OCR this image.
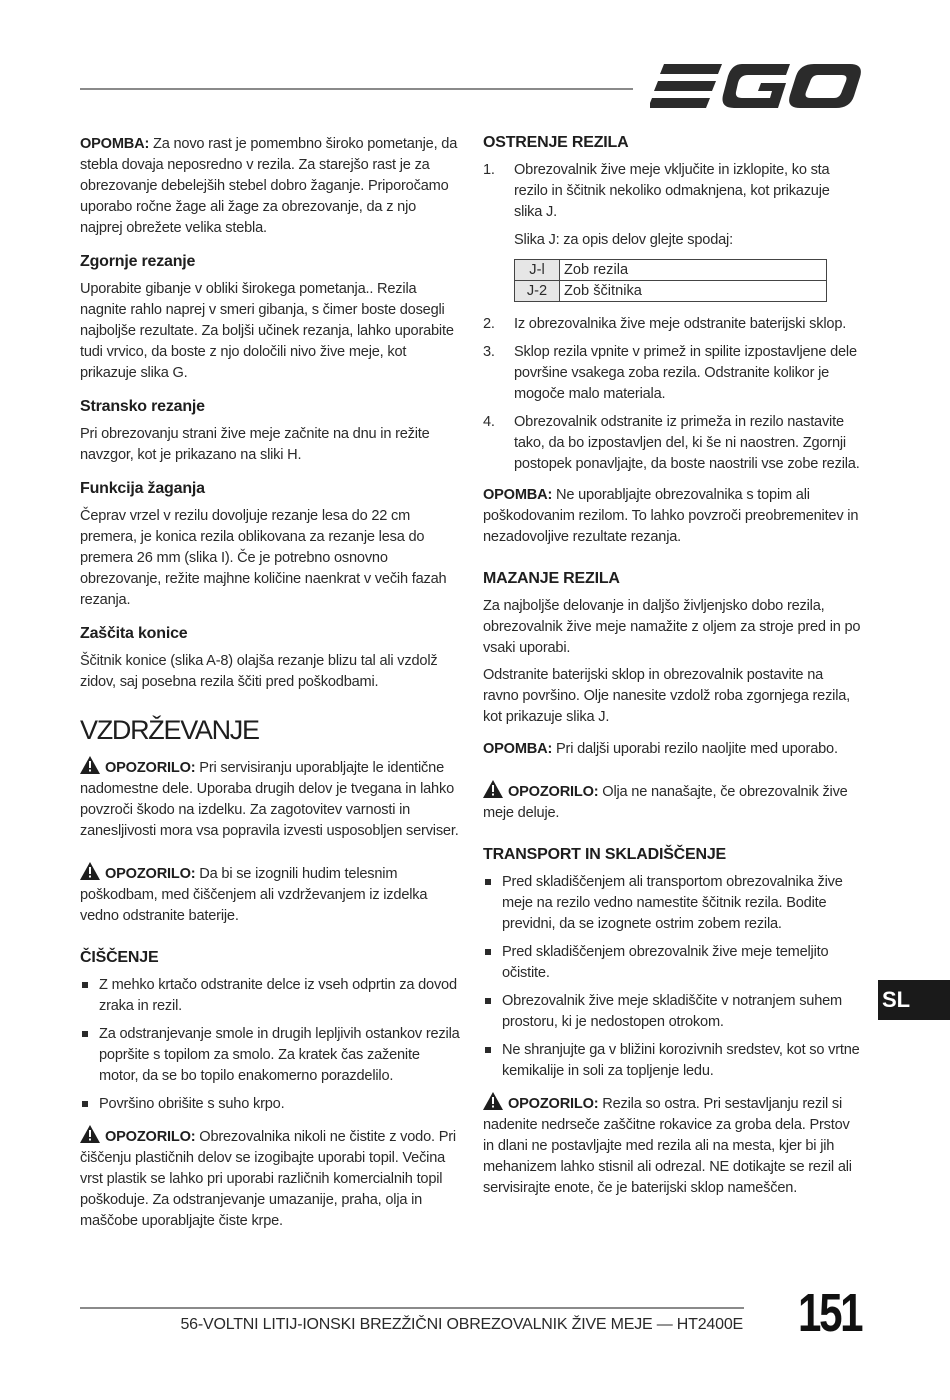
OPOMBA: Za novo rast je pomembno široko pometanje, da stebla dovaja neposredno v rezila. Za starejšo rast je za obrezovanje debelejših stebel dobro žaganje. Priporočamo uporabo ročne žage ali žage za obrezovanje, da z njo najprej obrežete velika stebla.

Zgornje rezanje

Uporabite gibanje v obliki širokega pometanja.. Rezila nagnite rahlo naprej v smeri gibanja, s čimer boste dosegli najboljše rezultate. Za boljši učinek rezanja, lahko uporabite tudi vrvico, da boste z njo določili nivo žive meje, kot prikazuje slika G.

Stransko rezanje

Pri obrezovanju strani žive meje začnite na dnu in režite navzgor, kot je prikazano na sliki H.

Funkcija žaganja

Čeprav vrzel v rezilu dovoljuje rezanje lesa do 22 cm premera, je konica rezila oblikovana za rezanje lesa do premera 26 mm (slika I). Če je potrebno osnovno obrezovanje, režite majhne količine naenkrat v večih fazah rezanja.

Zaščita konice

Ščitnik konice (slika A-8) olajša rezanje blizu tal ali vzdolž zidov, saj posebna rezila ščiti pred poškodbami.

VZDRŽEVANJE

OPOZORILO: Pri servisiranju uporabljajte le identične nadomestne dele. Uporaba drugih delov je tvegana in lahko povzroči škodo na izdelku. Za zagotovitev varnosti in zanesljivosti mora vsa popravila izvesti usposobljen serviser.

OPOZORILO: Da bi se izognili hudim telesnim poškodbam, med čiščenjem ali vzdrževanjem iz izdelka vedno odstranite baterije.

ČIŠČENJE
Z mehko krtačo odstranite delce iz vseh odprtin za dovod zraka in rezil.
Za odstranjevanje smole in drugih lepljivih ostankov rezila popršite s topilom za smolo. Za kratek čas zaženite motor, da se bo topilo enakomerno porazdelilo.
Površino obrišite s suho krpo.

OPOZORILO: Obrezovalnika nikoli ne čistite z vodo. Pri čiščenju plastičnih delov se izogibajte uporabi topil. Večina vrst plastik se lahko pri uporabi različnih komercialnih topil poškoduje. Za odstranjevanje umazanije, praha, olja in maščobe uporabljajte čiste krpe.

OSTRENJE REZILA
1. Obrezovalnik žive meje vključite in izklopite, ko sta rezilo in ščitnik nekoliko odmaknjena, kot prikazuje slika J.
Slika J: za opis delov glejte spodaj:
J-l	Zob rezila
J-2	Zob ščitnika
2. Iz obrezovalnika žive meje odstranite baterijski sklop.
3. Sklop rezila vpnite v primež in spilite izpostavljene dele površine vsakega zoba rezila. Odstranite kolikor je mogoče malo materiala.
4. Obrezovalnik odstranite iz primeža in rezilo nastavite tako, da bo izpostavljen del, ki še ni naostren. Zgornji postopek ponavljajte, da boste naostrili vse zobe rezila.

OPOMBA: Ne uporabljajte obrezovalnika s topim ali poškodovanim rezilom. To lahko povzroči preobremenitev in nezadovoljive rezultate rezanja.

MAZANJE REZILA

Za najboljše delovanje in daljšo življenjsko dobo rezila, obrezovalnik žive meje namažite z oljem za stroje pred in po vsaki uporabi.

Odstranite baterijski sklop in obrezovalnik postavite na ravno površino. Olje nanesite vzdolž roba zgornjega rezila, kot prikazuje slika J.

OPOMBA: Pri daljši uporabi rezilo naoljite med uporabo.

OPOZORILO: Olja ne nanašajte, če obrezovalnik žive meje deluje.

TRANSPORT IN SKLADIŠČENJE
Pred skladiščenjem ali transportom obrezovalnika žive meje na rezilo vedno namestite ščitnik rezila. Bodite previdni, da se izognete ostrim zobem rezila.
Pred skladiščenjem obrezovalnik žive meje temeljito očistite.
Obrezovalnik žive meje skladiščite v notranjem suhem prostoru, ki je nedostopen otrokom.
Ne shranjujte ga v bližini korozivnih sredstev, kot so vrtne kemikalije in soli za topljenje ledu.

OPOZORILO: Rezila so ostra. Pri sestavljanju rezil si nadenite nedrseče zaščitne rokavice za groba dela. Prstov in dlani ne postavljajte med rezila ali na mesta, kjer bi jih mehanizem lahko stisnil ali odrezal. NE dotikajte se rezil ali servisirajte enote, če je baterijski sklop nameščen.

SL
56-VOLTNI LITIJ-IONSKI BREZŽIČNI OBREZOVALNIK ŽIVE MEJE — HT2400E 151
